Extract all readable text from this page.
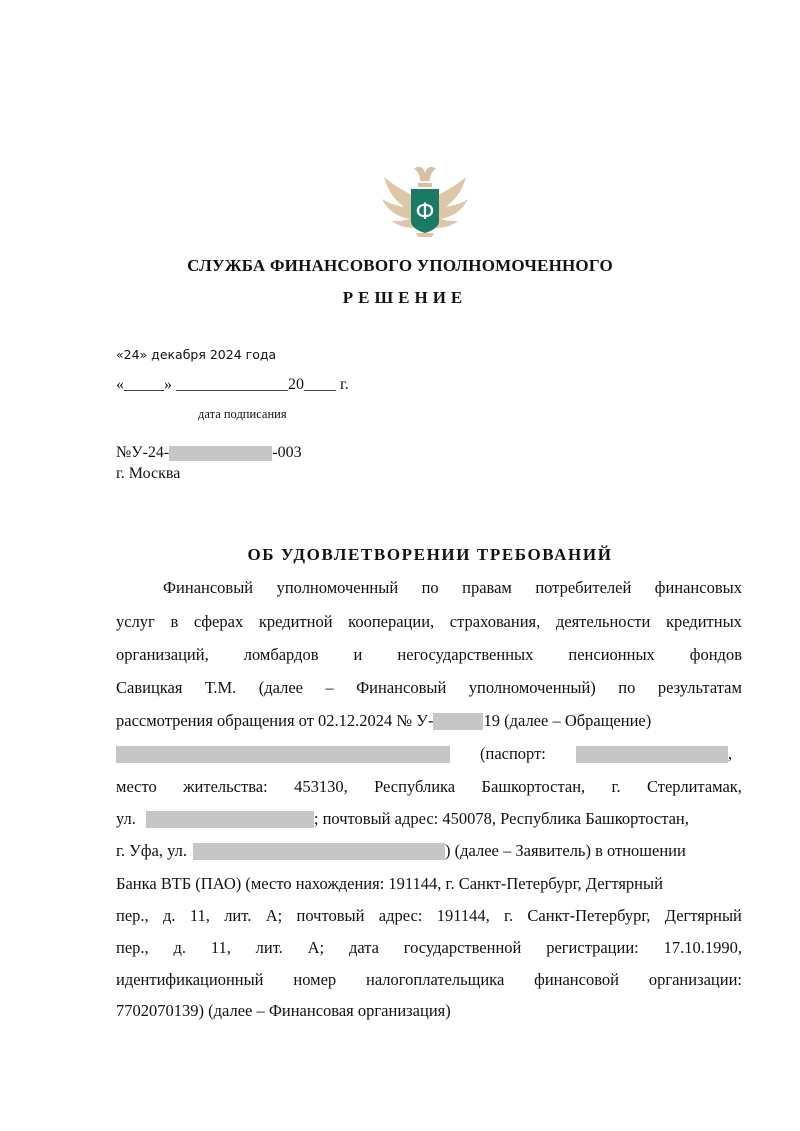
Ф
СЛУЖБА ФИНАНСОВОГО УПОЛНОМОЧЕННОГО
РЕШЕНИЕ
«24» декабря 2024 года
«_____» ______________20____ г.
дата подписания
№У-24-	-003
г. Москва
ОБ УДОВЛЕТВОРЕНИИ ТРЕБОВАНИЙ
Финансовый уполномоченный по правам потребителей финансовых
услуг в сферах кредитной кооперации, страхования, деятельности кредитных
организаций, ломбардов и негосударственных пенсионных фондов
Савицкая Т.М. (далее – Финансовый уполномоченный) по результатам
рассмотрения обращения от 02.12.2024 № У-	19 (далее – Обращение)
(паспорт:	,
место жительства: 453130, Республика Башкортостан, г. Стерлитамак,
ул.	; почтовый адрес: 450078, Республика Башкортостан,
г. Уфа, ул.	) (далее – Заявитель) в отношении
Банка ВТБ (ПАО) (место нахождения: 191144, г. Санкт-Петербург, Дегтярный
пер., д. 11, лит. А; почтовый адрес: 191144, г. Санкт-Петербург, Дегтярный
пер., д. 11, лит. А; дата государственной регистрации: 17.10.1990,
идентификационный номер налогоплательщика финансовой организации:
7702070139) (далее – Финансовая организация)
